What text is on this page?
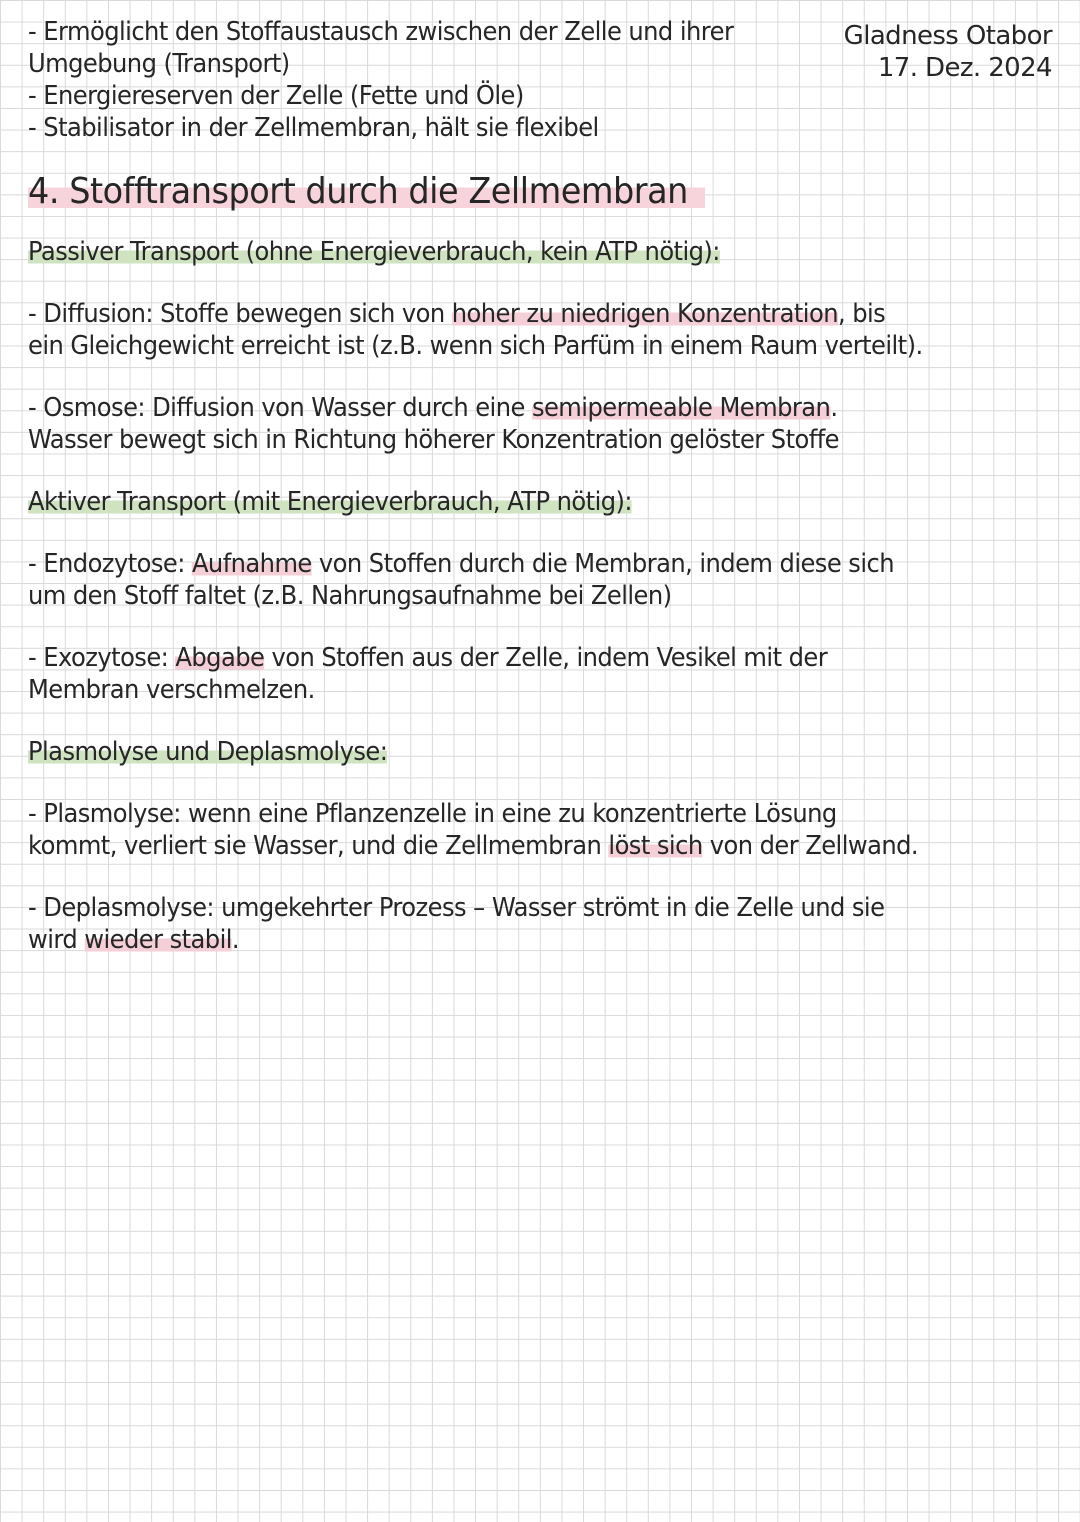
Gladness Otabor
17. Dez. 2024
- Ermöglicht den Stoffaustausch zwischen der Zelle und ihrer
Umgebung (Transport)
- Energiereserven der Zelle (Fette und Öle)
- Stabilisator in der Zellmembran, hält sie flexibel
4. Stofftransport durch die Zellmembran
Passiver Transport (ohne Energieverbrauch, kein ATP nötig):
- Diffusion: Stoffe bewegen sich von hoher zu niedrigen Konzentration, bis
ein Gleichgewicht erreicht ist (z.B. wenn sich Parfüm in einem Raum verteilt).
- Osmose: Diffusion von Wasser durch eine semipermeable Membran.
Wasser bewegt sich in Richtung höherer Konzentration gelöster Stoffe
Aktiver Transport (mit Energieverbrauch, ATP nötig):
- Endozytose: Aufnahme von Stoffen durch die Membran, indem diese sich
um den Stoff faltet (z.B. Nahrungsaufnahme bei Zellen)
- Exozytose: Abgabe von Stoffen aus der Zelle, indem Vesikel mit der
Membran verschmelzen.
Plasmolyse und Deplasmolyse:
- Plasmolyse: wenn eine Pflanzenzelle in eine zu konzentrierte Lösung
kommt, verliert sie Wasser, und die Zellmembran löst sich von der Zellwand.
- Deplasmolyse: umgekehrter Prozess – Wasser strömt in die Zelle und sie
wird wieder stabil.
